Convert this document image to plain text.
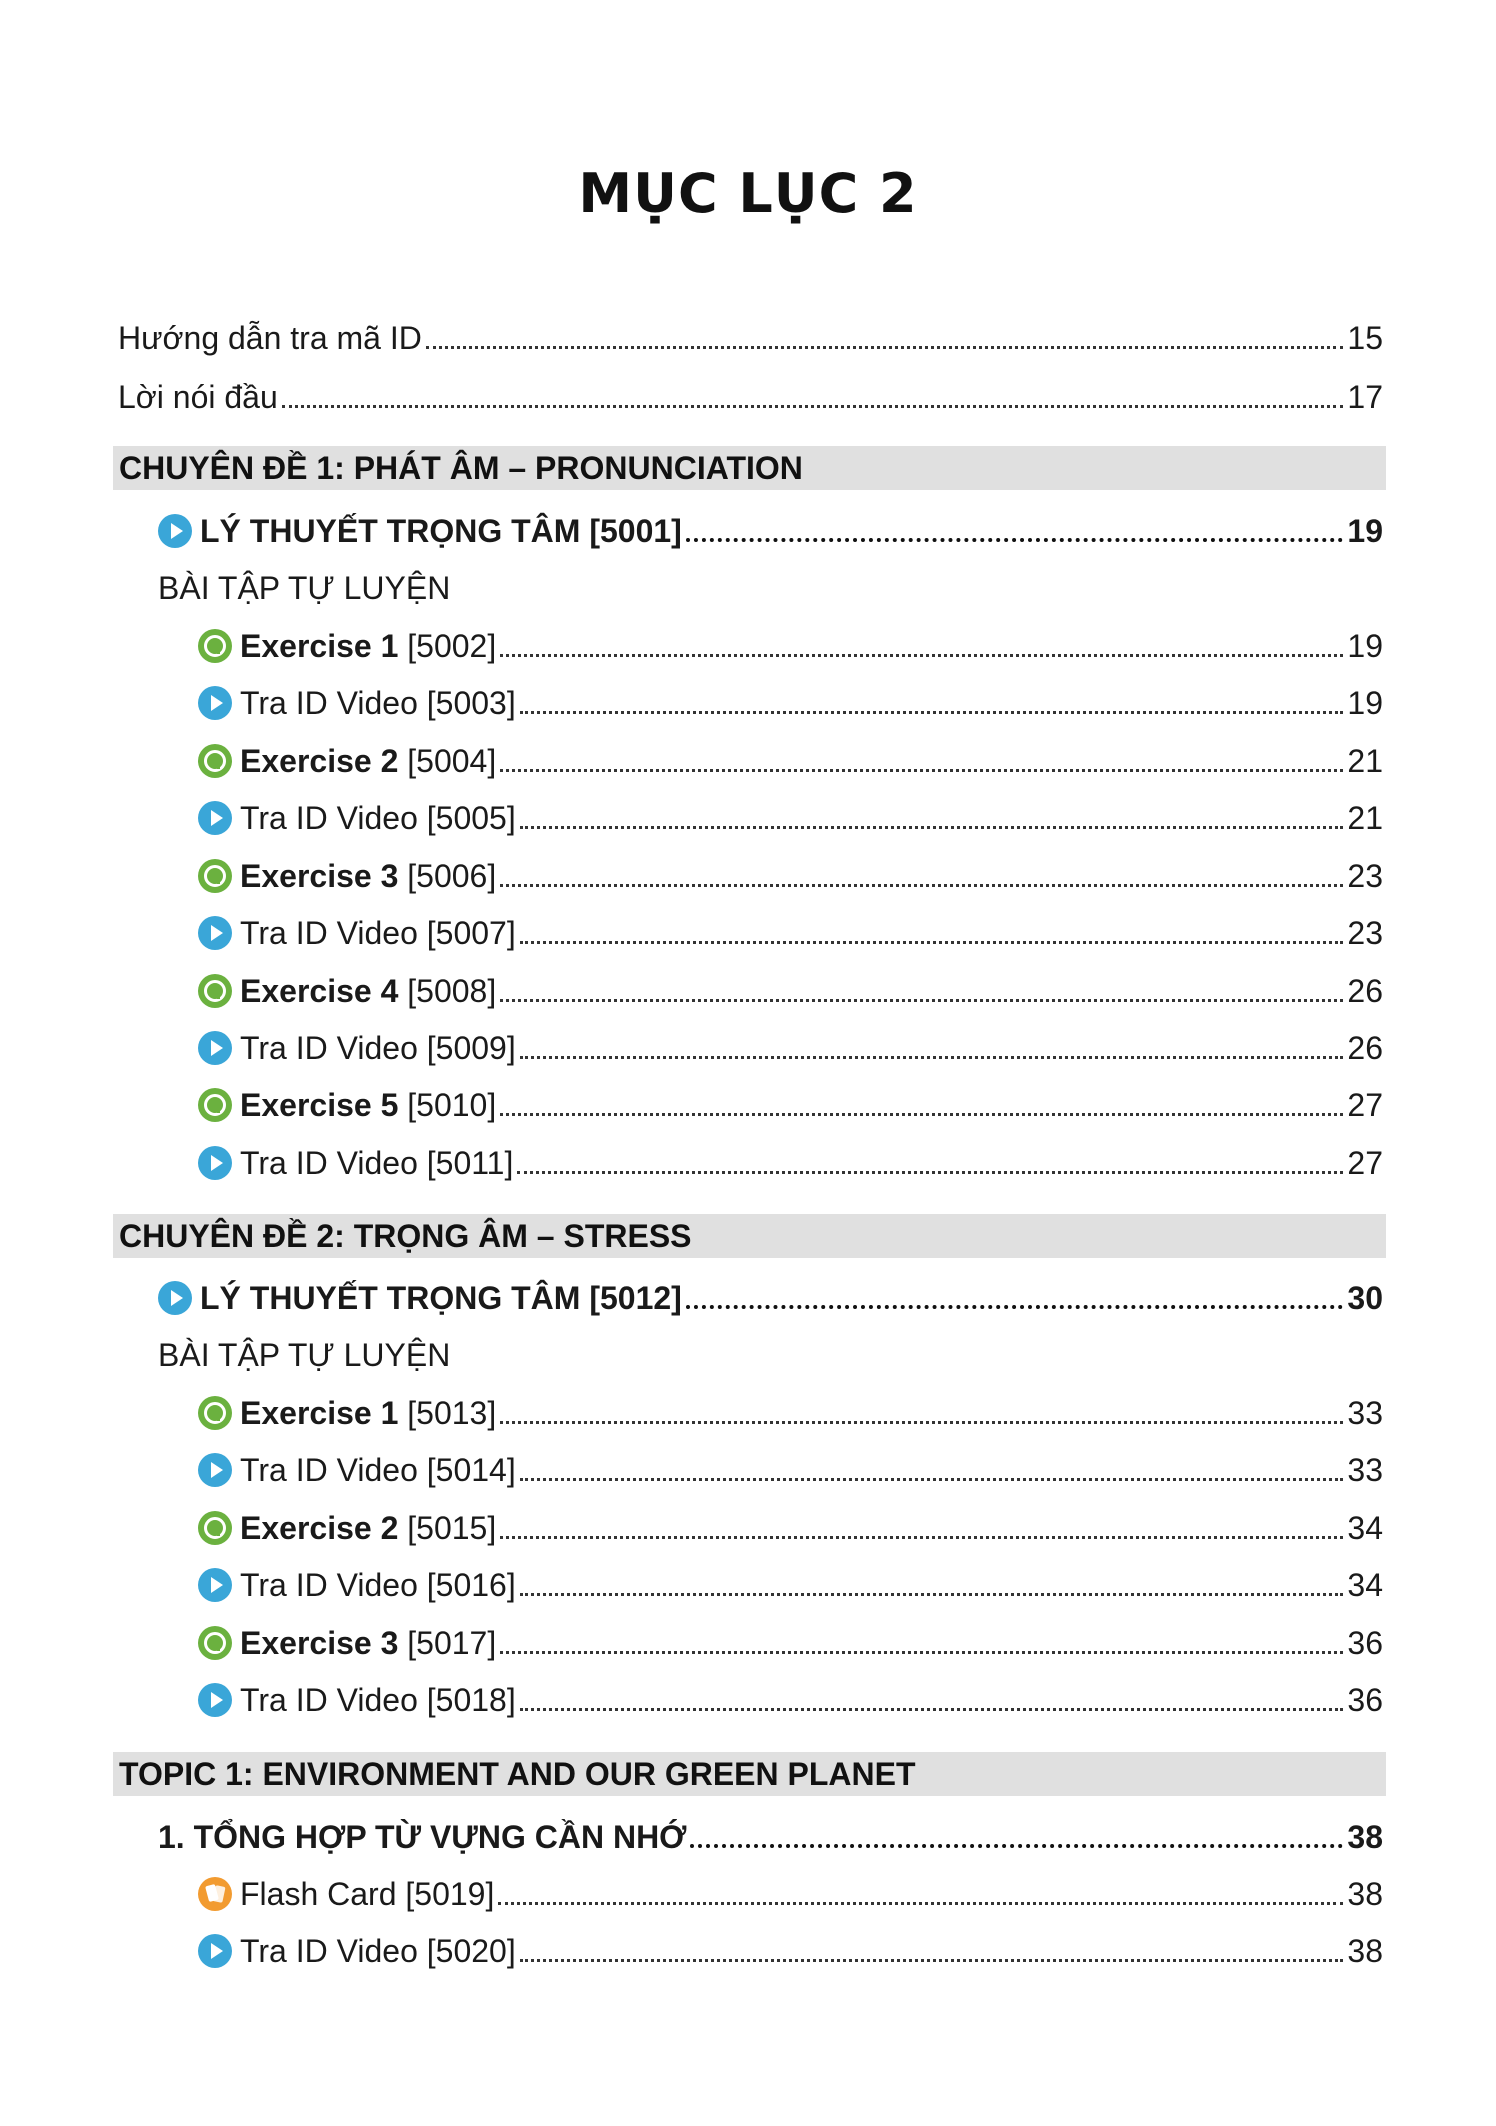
MỤC LỤC 2
Hướng dẫn tra mã ID	15
Lời nói đầu	17
CHUYÊN ĐỀ 1: PHÁT ÂM – PRONUNCIATION
LÝ THUYẾT TRỌNG TÂM [5001]	19
BÀI TẬP TỰ LUYỆN
Exercise 1 [5002]	19
Tra ID Video [5003]	19
Exercise 2 [5004]	21
Tra ID Video [5005]	21
Exercise 3 [5006]	23
Tra ID Video [5007]	23
Exercise 4 [5008]	26
Tra ID Video [5009]	26
Exercise 5 [5010]	27
Tra ID Video [5011]	27
CHUYÊN ĐỀ 2: TRỌNG ÂM – STRESS
LÝ THUYẾT TRỌNG TÂM [5012]	30
BÀI TẬP TỰ LUYỆN
Exercise 1 [5013]	33
Tra ID Video [5014]	33
Exercise 2 [5015]	34
Tra ID Video [5016]	34
Exercise 3 [5017]	36
Tra ID Video [5018]	36
TOPIC 1: ENVIRONMENT AND OUR GREEN PLANET
1. TỔNG HỢP TỪ VỰNG CẦN NHỚ	38
Flash Card [5019]	38
Tra ID Video [5020]	38
